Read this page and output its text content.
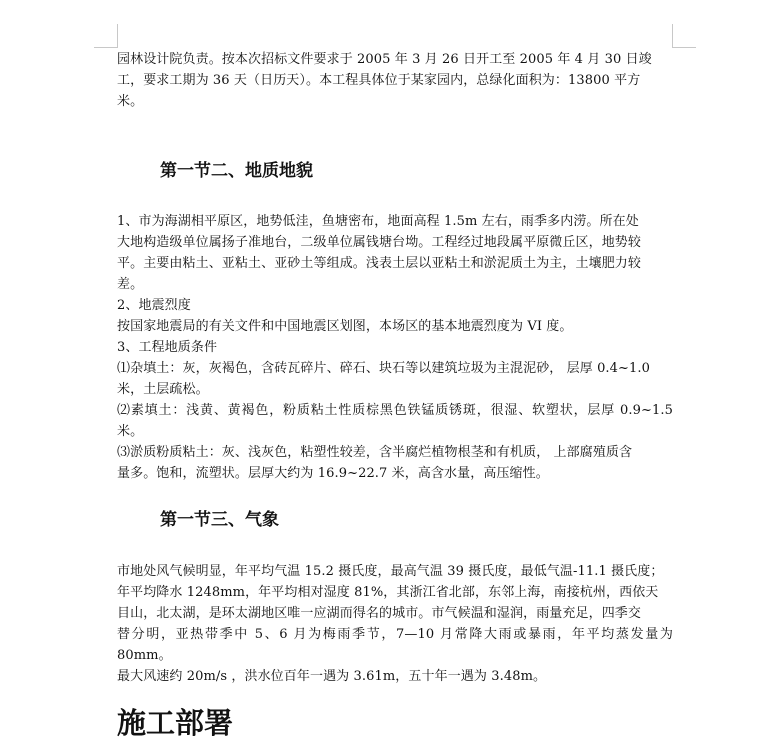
园林设计院负责。按本次招标文件要求于 2005 年 3 月 26 日开工至 2005 年 4 月 30 日竣

工，要求工期为 36 天（日历天）。本工程具体位于某家园内，总绿化面积为：13800 平方

米。

第一节二、地质地貌

1、市为海湖相平原区，地势低洼，鱼塘密布，地面高程 1.5m 左右，雨季多内涝。所在处

大地构造级单位属扬子准地台，二级单位属钱塘台坳。工程经过地段属平原微丘区，地势较

平。主要由粘土、亚粘土、亚砂土等组成。浅表土层以亚粘土和淤泥质土为主，土壤肥力较

差。

2、地震烈度

按国家地震局的有关文件和中国地震区划图，本场区的基本地震烈度为 VI 度。

3、工程地质条件

⑴杂填土：灰，灰褐色，含砖瓦碎片、碎石、块石等以建筑垃圾为主混泥砂， 层厚 0.4~1.0

米，土层疏松。

⑵素填土：浅黄、黄褐色，粉质粘土性质棕黑色铁锰质锈斑，很湿、软塑状，层厚 0.9~1.5 米。

⑶淤质粉质粘土：灰、浅灰色，粘塑性较差，含半腐烂植物根茎和有机质， 上部腐殖质含

量多。饱和，流塑状。层厚大约为 16.9~22.7 米，高含水量，高压缩性。

第一节三、气象

市地处风气候明显，年平均气温 15.2 摄氏度，最高气温 39 摄氏度，最低气温-11.1 摄氏度；

年平均降水 1248mm，年平均相对湿度 81%，其浙江省北部，东邻上海，南接杭州，西依天

目山，北太湖，是环太湖地区唯一应湖而得名的城市。市气候温和湿润，雨量充足，四季交

替分明，亚热带季中 5、6 月为梅雨季节，7—10 月常降大雨或暴雨，年平均蒸发量为 80mm。

最大风速约 20m/s ，洪水位百年一遇为 3.61m，五十年一遇为 3.48m。

施工部署
